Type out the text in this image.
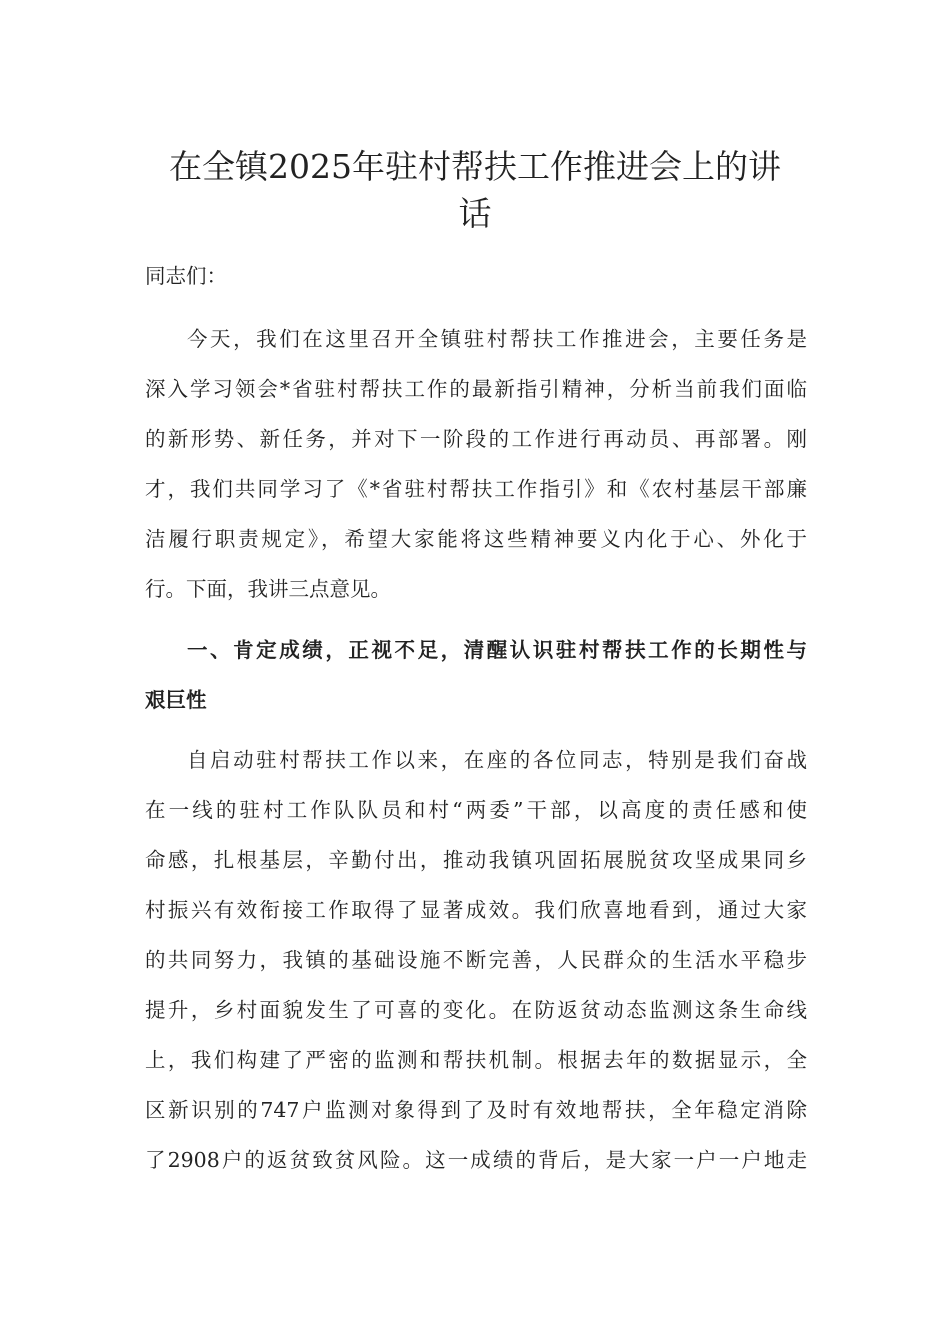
在全镇2025年驻村帮扶工作推进会上的讲
话
同志们：
今天，我们在这里召开全镇驻村帮扶工作推进会，主要任务是
深入学习领会*省驻村帮扶工作的最新指引精神，分析当前我们面临
的新形势、新任务，并对下一阶段的工作进行再动员、再部署。刚
才，我们共同学习了《*省驻村帮扶工作指引》和《农村基层干部廉
洁履行职责规定》，希望大家能将这些精神要义内化于心、外化于
行。下面，我讲三点意见。
一、肯定成绩，正视不足，清醒认识驻村帮扶工作的长期性与
艰巨性
自启动驻村帮扶工作以来，在座的各位同志，特别是我们奋战
在一线的驻村工作队队员和村“两委”干部，以高度的责任感和使
命感，扎根基层，辛勤付出，推动我镇巩固拓展脱贫攻坚成果同乡
村振兴有效衔接工作取得了显著成效。我们欣喜地看到，通过大家
的共同努力，我镇的基础设施不断完善，人民群众的生活水平稳步
提升，乡村面貌发生了可喜的变化。在防返贫动态监测这条生命线
上，我们构建了严密的监测和帮扶机制。根据去年的数据显示，全
区新识别的747户监测对象得到了及时有效地帮扶，全年稳定消除
了2908户的返贫致贫风险。这一成绩的背后，是大家一户一户地走
